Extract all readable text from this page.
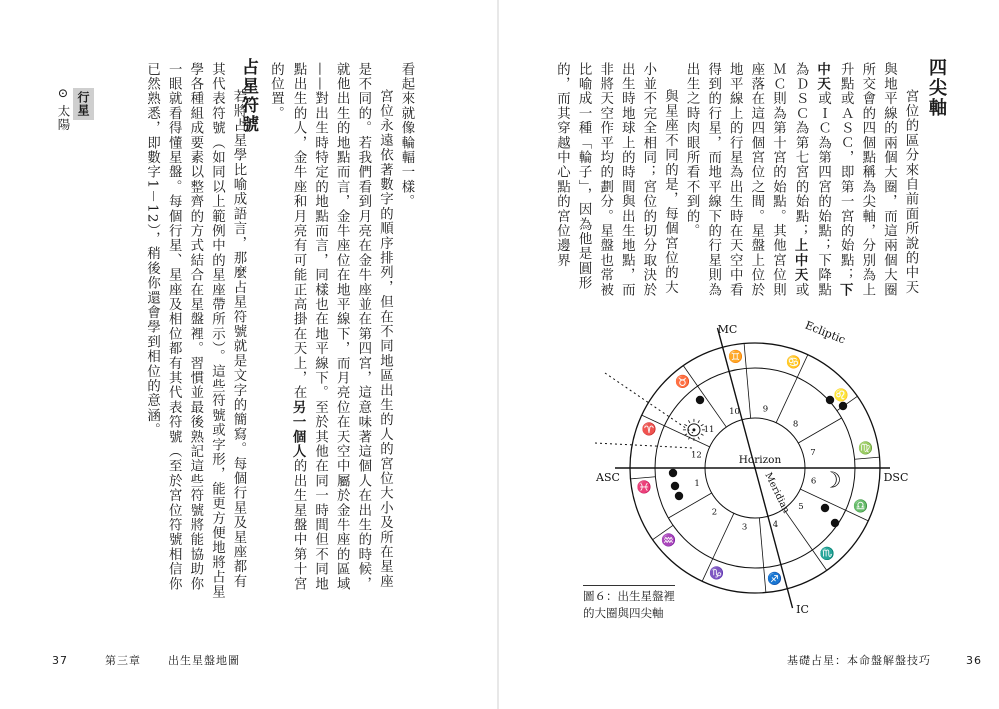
看起來就像輪輻一樣。

宮位永遠依著數字的順序排列，但在不同地區出生的人的宮位大小及所在星座是不同的。若我們看到月亮在金牛座並在第四宮，這意味著這個人在出生的時候，就他出生的地點而言，金牛座位在地平線下，而月亮位在天空中屬於金牛座的區域——對出生時特定的地點而言，同樣也在地平線下。至於其他在同一時間但不同地點出生的人，金牛座和月亮有可能正高掛在天上，在另一個人的出生星盤中第十宮的位置。

占星符號
若將占星學比喻成語言，那麼占星符號就是文字的簡寫。每個行星及星座都有其代表符號（如同以上範例中的星座帶所示）。這些符號或字形，能更方便地將占星學各種組成要素以整齊的方式結合在星盤裡。習慣並最後熟記這些符號將能協助你一眼就看得懂星盤。每個行星、星座及相位都有其代表符號（至於宮位符號相信你已然熟悉，即數字1－12），稍後你還會學到相位的意涵。
行星
⊙ 太陽
37	第三章 出生星盤地圖
四尖軸

宮位的區分來自前面所說的中天與地平線的兩個大圈，而這兩個大圈所交會的四個點稱為尖軸，分別為上升點或ＡＳＣ，即第一宮的始點；下中天或ＩＣ為第四宮的始點；下降點為ＤＳＣ為第七宮的始點；上中天或ＭＣ則為第十宮的始點。其他宮位則座落在這四個宮位之間。星盤上位於地平線上的行星為出生時在天空中看得到的行星，而地平線下的行星則為出生之時肉眼所看不到的。

與星座不同的是，每個宮位的大小並不完全相同；宮位的切分取決於出生時地球上的時間與出生地點，而非將天空作平均的劃分。星盤也常被比喻成一種「輪子」，因為他是圓形的，而其穿越中心點的宮位邊界

圖６：出生星盤裡
的大圈與四尖軸
基礎占星：本命盤解盤技巧	36
♈
♉
♊	♋
♌
♍
♎
♏
♐
♑
♒
♓	1
2
3	4
5
6
7
8
9
10
11
12
ASC	DSC
MC
IC
Horizon
Meridian
Ecliptic
☽
